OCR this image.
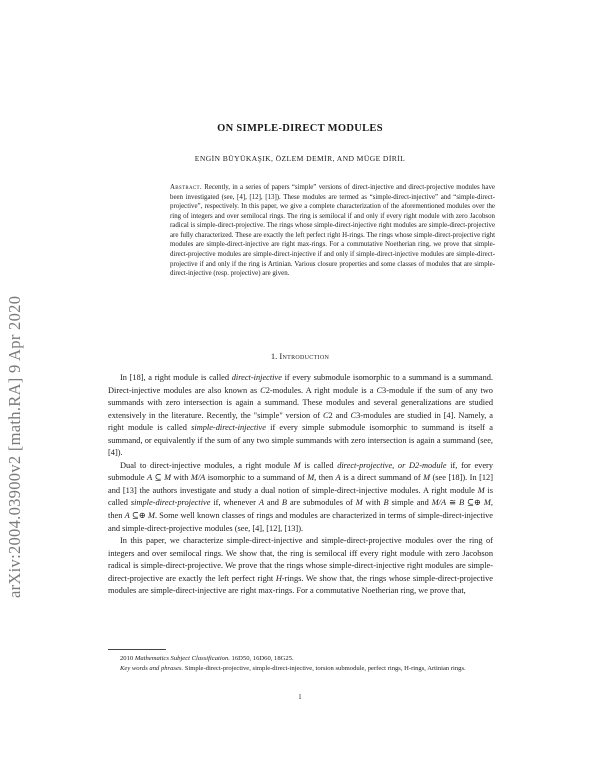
arXiv:2004.03900v2 [math.RA] 9 Apr 2020
ON SIMPLE-DIRECT MODULES
ENGİN BÜYÜKAŞIK, ÖZLEM DEMİR, AND MÜGE DİRİL
Abstract. Recently, in a series of papers “simple” versions of direct-injective and direct-projective modules have been investigated (see, [4], [12], [13]). These modules are termed as “simple-direct-injective” and “simple-direct-projective”, respectively. In this paper, we give a complete characterization of the aforementioned modules over the ring of integers and over semilocal rings. The ring is semilocal if and only if every right module with zero Jacobson radical is simple-direct-projective. The rings whose simple-direct-injective right modules are simple-direct-projective are fully characterized. These are exactly the left perfect right H-rings. The rings whose simple-direct-projective right modules are simple-direct-injective are right max-rings. For a commutative Noetherian ring, we prove that simple-direct-projective modules are simple-direct-injective if and only if simple-direct-injective modules are simple-direct-projective if and only if the ring is Artinian. Various closure properties and some classes of modules that are simple-direct-injective (resp. projective) are given.
1. Introduction

In [18], a right module is called direct-injective if every submodule isomorphic to a summand is a summand. Direct-injective modules are also known as C2-modules. A right module is a C3-module if the sum of any two summands with zero intersection is again a summand. These modules and several generalizations are studied extensively in the literature. Recently, the "simple" version of C2 and C3-modules are studied in [4]. Namely, a right module is called simple-direct-injective if every simple submodule isomorphic to summand is itself a summand, or equivalently if the sum of any two simple summands with zero intersection is again a summand (see, [4]).

Dual to direct-injective modules, a right module M is called direct-projective, or D2-module if, for every submodule A ⊆ M with M/A isomorphic to a summand of M, then A is a direct summand of M (see [18]). In [12] and [13] the authors investigate and study a dual notion of simple-direct-injective modules. A right module M is called simple-direct-projective if, whenever A and B are submodules of M with B simple and M/A ≅ B ⊆⊕ M, then A ⊆⊕ M. Some well known classes of rings and modules are characterized in terms of simple-direct-injective and simple-direct-projective modules (see, [4], [12], [13]).

In this paper, we characterize simple-direct-injective and simple-direct-projective modules over the ring of integers and over semilocal rings. We show that, the ring is semilocal iff every right module with zero Jacobson radical is simple-direct-projective. We prove that the rings whose simple-direct-injective right modules are simple-direct-projective are exactly the left perfect right H-rings. We show that, the rings whose simple-direct-projective modules are simple-direct-injective are right max-rings. For a commutative Noetherian ring, we prove that,

2010 Mathematics Subject Classification. 16D50, 16D60, 18G25.

Key words and phrases. Simple-direct-projective, simple-direct-injective, torsion submodule, perfect rings, H-rings, Artinian rings.

1
